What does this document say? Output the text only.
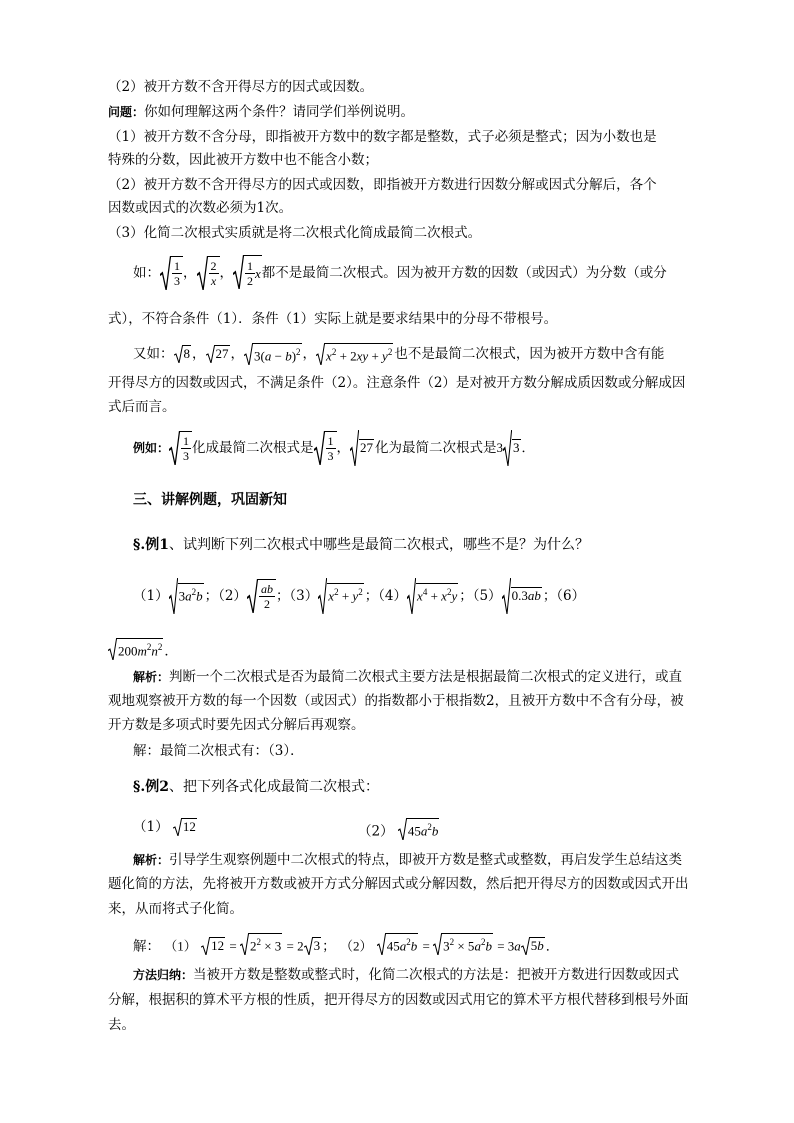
（2）被开方数不含开得尽方的因式或因数。
问题：你如何理解这两个条件？请同学们举例说明。
（1）被开方数不含分母，即指被开方数中的数字都是整数，式子必须是整式；因为小数也是
特殊的分数，因此被开方数中也不能含小数；
（2）被开方数不含开得尽方的因式或因数，即指被开方数进行因数分解或因式分解后，各个
因数或因式的次数必须为1次。
（3）化简二次根式实质就是将二次根式化简成最简二次根式。
如： 1
3 ， 2
x ， 1
2
x 都不是最简二次根式。因为被开方数的因数（或因式）为分数（或分
式），不符合条件（1）．条件（1）实际上就是要求结果中的分母不带根号。
又如： 8 ， 27 ， $3(a - b)^2$ ， $x^2 + 2xy + y^2$ 也不是最简二次根式，因为被开方数中含有能
开得尽方的因数或因式，不满足条件（2）。注意条件（2）是对被开方数分解成质因数或分解成因
式后而言。
例如： 1
3 化成最简二次根式是 1
3 ， 27 化为最简二次根式是 3 3 ．
三、讲解例题，巩固新知
§.例1、试判断下列二次根式中哪些是最简二次根式，哪些不是？为什么？
（1） $3a^2b$ ；（2） ab
2 ；（3） $x^2 + y^2$ ；（4） $x^4 + x^2y$ ；（5） 0.3ab ；（6）
$200m^2n^2$ ．
解析：判断一个二次根式是否为最简二次根式主要方法是根据最简二次根式的定义进行，或直
观地观察被开方数的每一个因数（或因式）的指数都小于根指数2，且被开方数中不含有分母，被
开方数是多项式时要先因式分解后再观察。
解：最简二次根式有：（3）．
§.例2、把下列各式化成最简二次根式：
（1） 12	（2） $45a^2b$
解析：引导学生观察例题中二次根式的特点，即被开方数是整式或整数，再启发学生总结这类
题化简的方法，先将被开方数或被开方式分解因式或分解因数，然后把开得尽方的因数或因式开出
来，从而将式子化简。
解： （1） 12 =
$2^2 \times 3 = 2$ 3 ； （2） $45a^2b$ =
$3^2 \times 5a^2b = 3a$ 5b ．
方法归纳：当被开方数是整数或整式时，化简二次根式的方法是：把被开方数进行因数或因式
分解，根据积的算术平方根的性质，把开得尽方的因数或因式用它的算术平方根代替移到根号外面
去。
